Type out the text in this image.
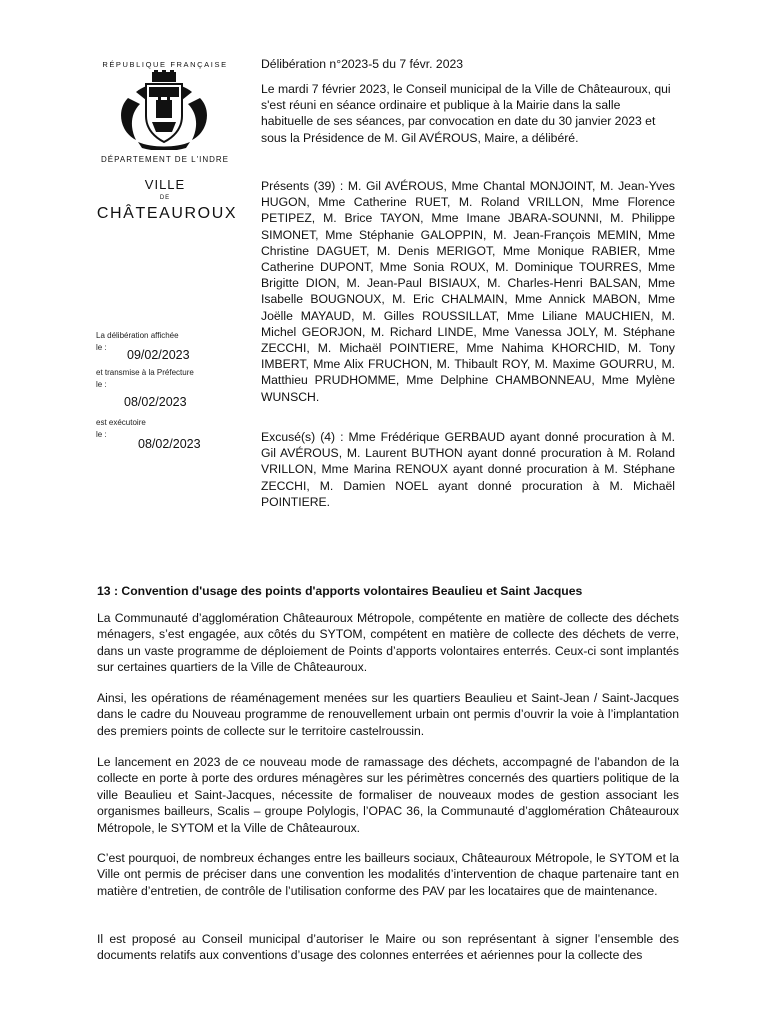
RÉPUBLIQUE FRANÇAISE
DÉPARTEMENT DE L'INDRE
VILLE
DE
CHÂTEAUROUX
La délibération affichée
le :
09/02/2023
et transmise à la Préfecture
le :
08/02/2023
est exécutoire
le :
08/02/2023

Délibération n°2023-5 du 7 févr. 2023

Le mardi 7 février 2023, le Conseil municipal de la Ville de Châteauroux, qui s'est réuni en séance ordinaire et publique à la Mairie dans la salle habituelle de ses séances, par convocation en date du 30 janvier 2023 et sous la Présidence de M. Gil AVÉROUS, Maire, a délibéré.

Présents (39) : M. Gil AVÉROUS, Mme Chantal MONJOINT, M. Jean-Yves HUGON, Mme Catherine RUET, M. Roland VRILLON, Mme Florence PETIPEZ, M. Brice TAYON, Mme Imane JBARA-SOUNNI, M. Philippe SIMONET, Mme Stéphanie GALOPPIN, M. Jean-François MEMIN, Mme Christine DAGUET, M. Denis MERIGOT, Mme Monique RABIER, Mme Catherine DUPONT, Mme Sonia ROUX, M. Dominique TOURRES, Mme Brigitte DION, M. Jean-Paul BISIAUX, M. Charles-Henri BALSAN, Mme Isabelle BOUGNOUX, M. Eric CHALMAIN, Mme Annick MABON, Mme Joëlle MAYAUD, M. Gilles ROUSSILLAT, Mme Liliane MAUCHIEN, M. Michel GEORJON, M. Richard LINDE, Mme Vanessa JOLY, M. Stéphane ZECCHI, M. Michaël POINTIERE, Mme Nahima KHORCHID, M. Tony IMBERT, Mme Alix FRUCHON, M. Thibault ROY, M. Maxime GOURRU, M. Matthieu PRUDHOMME, Mme Delphine CHAMBONNEAU, Mme Mylène WUNSCH.

Excusé(s) (4) : Mme Frédérique GERBAUD ayant donné procuration à M. Gil AVÉROUS, M. Laurent BUTHON ayant donné procuration à M. Roland VRILLON, Mme Marina RENOUX ayant donné procuration à M. Stéphane ZECCHI, M. Damien NOEL ayant donné procuration à M. Michaël POINTIERE.

13 : Convention d'usage des points d'apports volontaires Beaulieu et Saint Jacques

La Communauté d’agglomération Châteauroux Métropole, compétente en matière de collecte des déchets ménagers, s’est engagée, aux côtés du SYTOM, compétent en matière de collecte des déchets de verre, dans un vaste programme de déploiement de Points d’apports volontaires enterrés. Ceux-ci sont implantés sur certaines quartiers de la Ville de Châteauroux.

Ainsi, les opérations de réaménagement menées sur les quartiers Beaulieu et Saint-Jean / Saint-Jacques dans le cadre du Nouveau programme de renouvellement urbain ont permis d’ouvrir la voie à l’implantation des premiers points de collecte sur le territoire castelroussin.

Le lancement en 2023 de ce nouveau mode de ramassage des déchets, accompagné de l’abandon de la collecte en porte à porte des ordures ménagères sur les périmètres concernés des quartiers politique de la ville Beaulieu et Saint-Jacques, nécessite de formaliser de nouveaux modes de gestion associant les organismes bailleurs, Scalis – groupe Polylogis, l’OPAC 36, la Communauté d’agglomération Châteauroux Métropole, le SYTOM et la Ville de Châteauroux.

C’est pourquoi, de nombreux échanges entre les bailleurs sociaux, Châteauroux Métropole, le SYTOM et la Ville ont permis de préciser dans une convention les modalités d’intervention de chaque partenaire tant en matière d’entretien, de contrôle de l’utilisation conforme des PAV par les locataires que de maintenance.

Il est proposé au Conseil municipal d’autoriser le Maire ou son représentant à signer l’ensemble des documents relatifs aux conventions d’usage des colonnes enterrées et aériennes pour la collecte des
